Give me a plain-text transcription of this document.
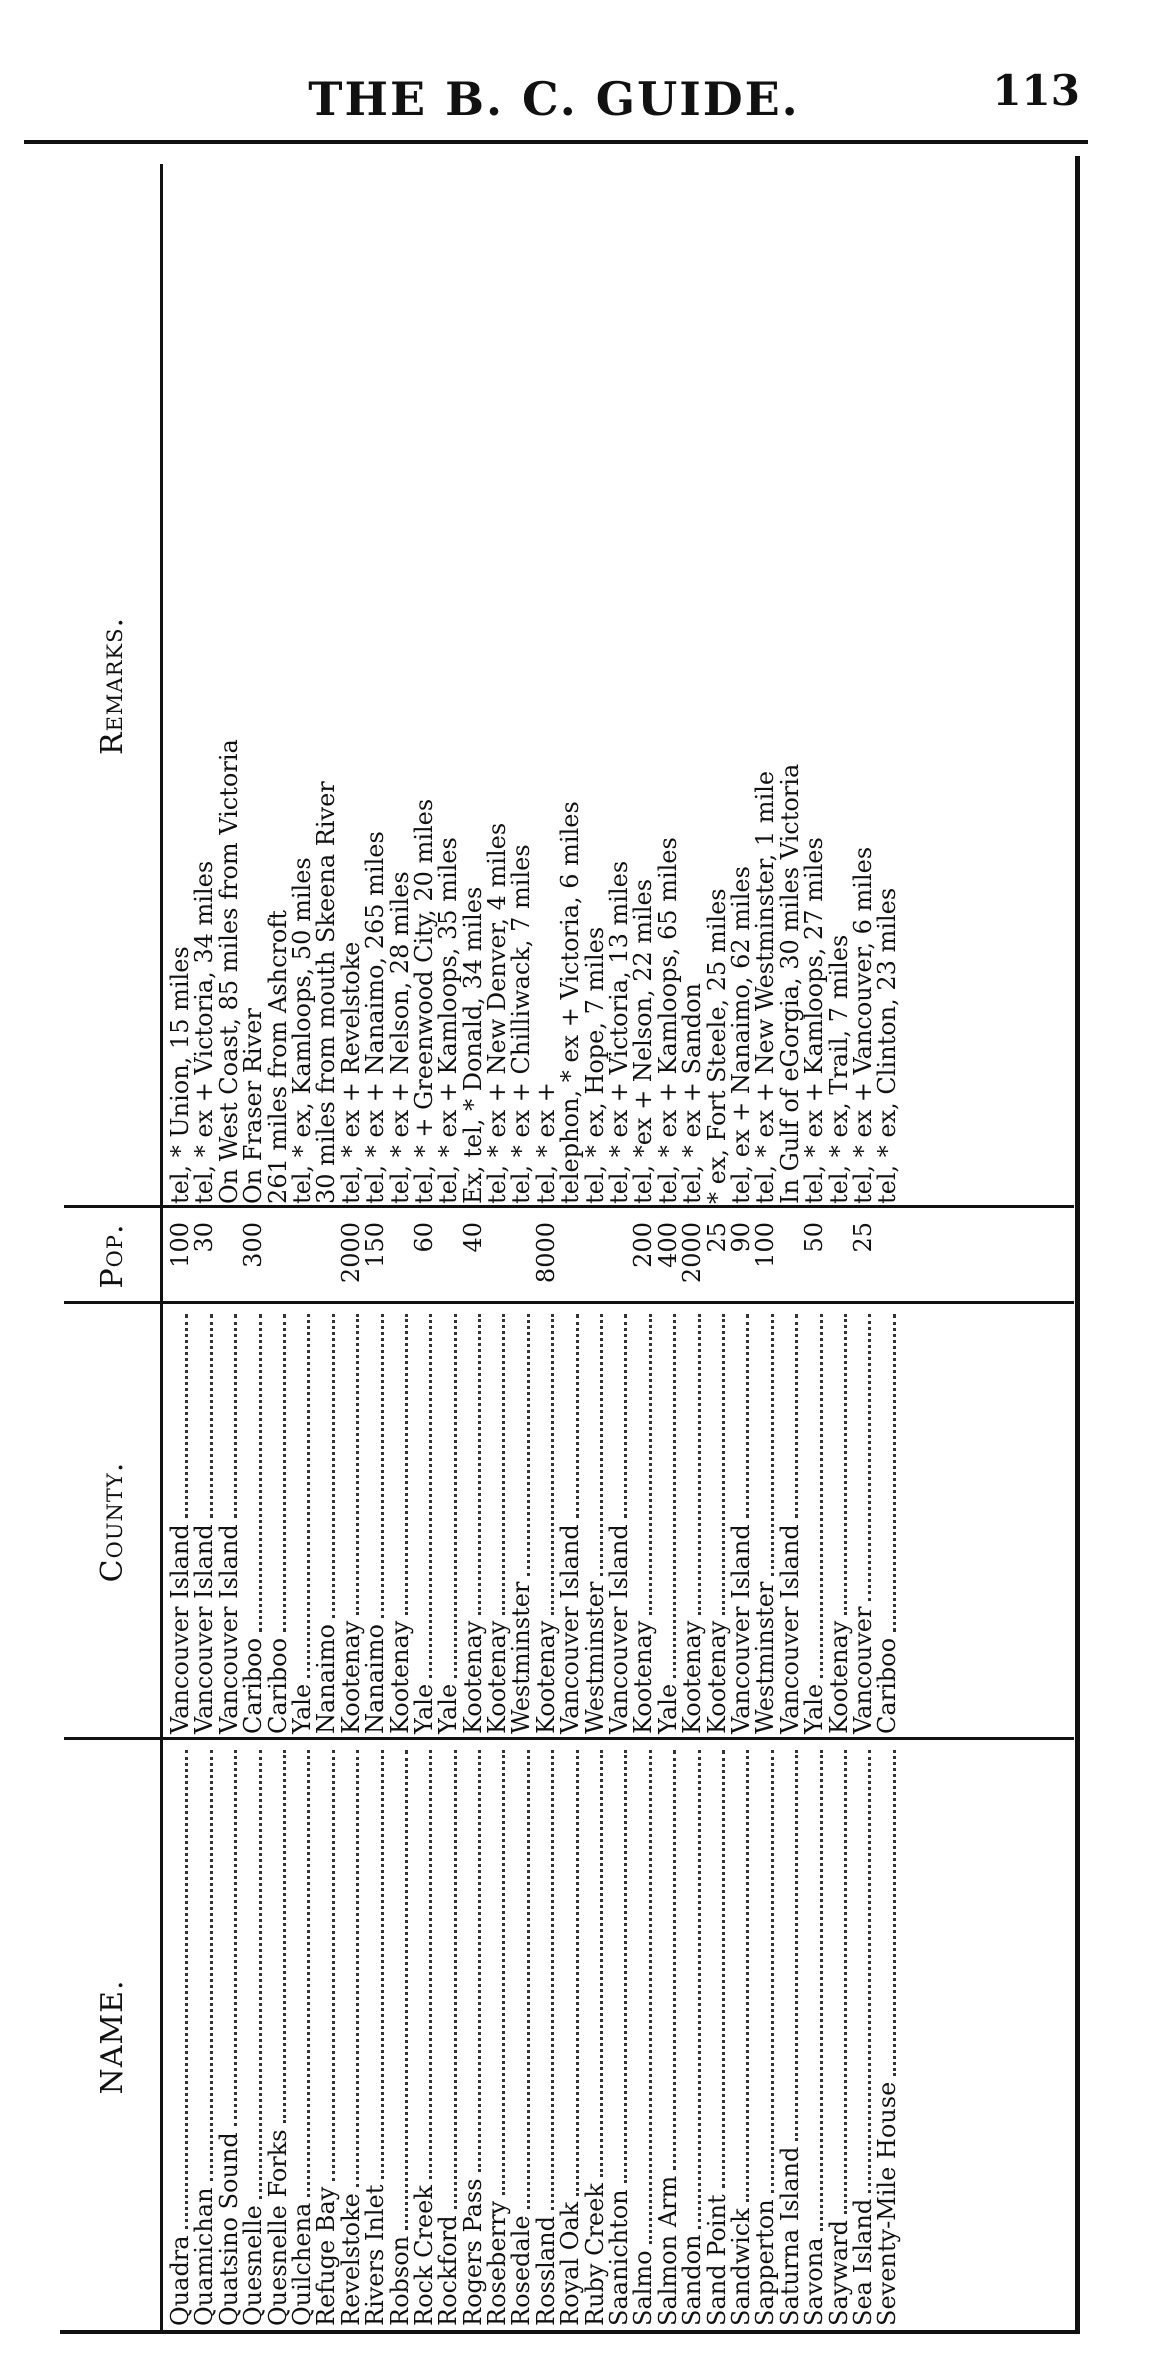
THE B. C. GUIDE.	113
NAME.
County.
Pop.
Remarks.
Quadra
Vancouver Island
100
tel, * Union, 15 miles
Quamichan
Vancouver Island
30
tel, * ex + Victoria, 34 miles
Quatsino Sound
Vancouver Island
On West Coast, 85 miles from Victoria
Quesnelle
Cariboo
300
On Fraser River
Quesnelle Forks
Cariboo
261 miles from Ashcroft
Quilchena
Yale
tel, * ex, Kamloops, 50 miles
Refuge Bay
Nanaimo
30 miles from mouth Skeena River
Revelstoke
Kootenay
2000
tel, * ex + Revelstoke
Rivers Inlet
Nanaimo
150
tel, * ex + Nanaimo, 265 miles
Robson
Kootenay
tel, * ex + Nelson, 28 miles
Rock Creek
Yale
60
tel, * + Greenwood City, 20 miles
Rockford
Yale
tel, * ex + Kamloops, 35 miles
Rogers Pass
Kootenay
40
Ex, tel, * Donald, 34 miles
Roseberry
Kootenay
tel, * ex + New Denver, 4 miles
Rosedale
Westminster
tel, * ex + Chilliwack, 7 miles
Rossland
Kootenay
8000
tel, * ex +
Royal Oak
Vancouver Island
telephon, * ex + Victoria, 6 miles
Ruby Creek
Westminster
tel, * ex, Hope, 7 miles
Saanichton
Vancouver Island
tel, * ex + Victoria, 13 miles
Salmo
Kootenay
200
tel, *ex + Nelson, 22 miles
Salmon Arm
Yale
400
tel, * ex + Kamloops, 65 miles
Sandon
Kootenay
2000
tel, * ex + Sandon
Sand Point
Kootenay
25
* ex, Fort Steele, 25 miles
Sandwick
Vancouver Island
90
tel, ex + Nanaimo, 62 miles
Sapperton
Westminster
100
tel, * ex + New Westminster, 1 mile
Saturna Island
Vancouver Island
In Gulf of eGorgia, 30 miles Victoria
Savona
Yale
50
tel, * ex + Kamloops, 27 miles
Sayward
Kootenay
tel, * ex, Trail, 7 miles
Sea Island
Vancouver
25
tel, * ex + Vancouver, 6 miles
Seventy-Mile House
Cariboo
tel, * ex, Clinton, 23 miles
